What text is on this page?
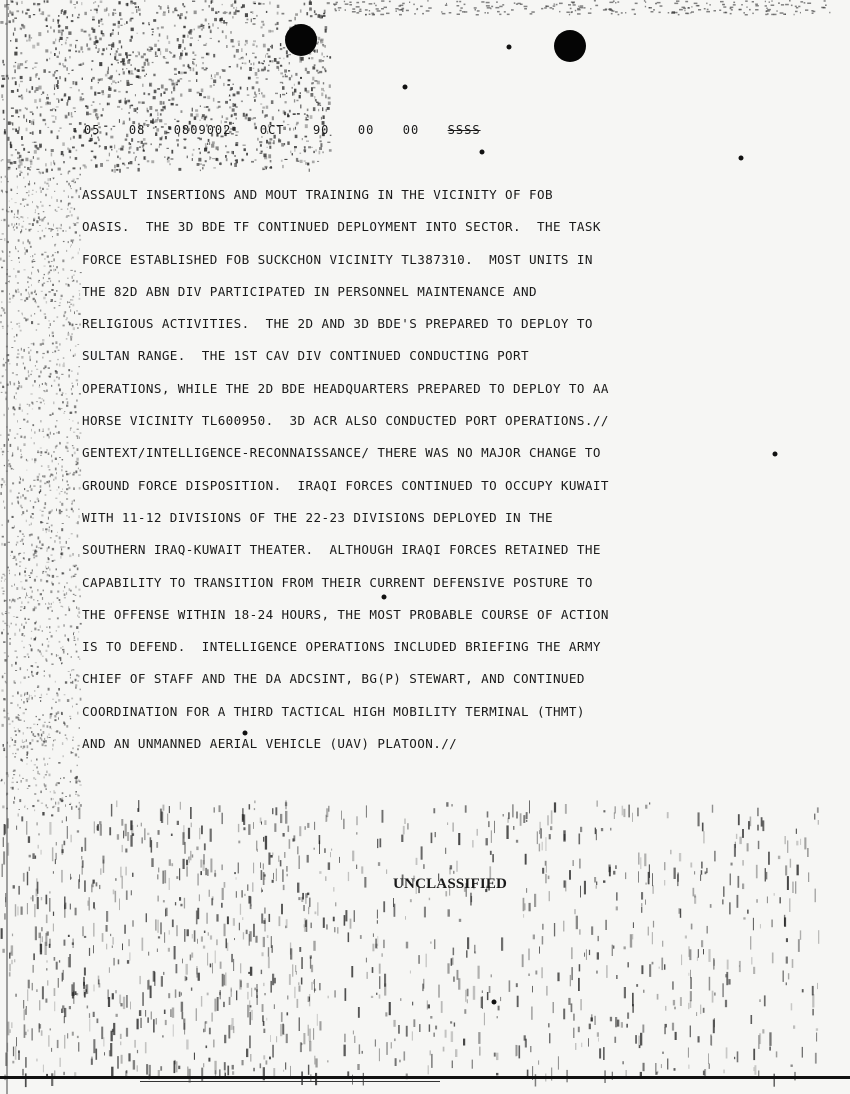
05  08  0809002  OCT  90  00  00 SSSS
ASSAULT INSERTIONS AND MOUT TRAINING IN THE VICINITY OF FOB
OASIS.  THE 3D BDE TF CONTINUED DEPLOYMENT INTO SECTOR.  THE TASK
FORCE ESTABLISHED FOB SUCKCHON VICINITY TL387310.  MOST UNITS IN
THE 82D ABN DIV PARTICIPATED IN PERSONNEL MAINTENANCE AND
RELIGIOUS ACTIVITIES.  THE 2D AND 3D BDE'S PREPARED TO DEPLOY TO
SULTAN RANGE.  THE 1ST CAV DIV CONTINUED CONDUCTING PORT
OPERATIONS, WHILE THE 2D BDE HEADQUARTERS PREPARED TO DEPLOY TO AA
HORSE VICINITY TL600950.  3D ACR ALSO CONDUCTED PORT OPERATIONS.//
GENTEXT/INTELLIGENCE-RECONNAISSANCE/ THERE WAS NO MAJOR CHANGE TO
GROUND FORCE DISPOSITION.  IRAQI FORCES CONTINUED TO OCCUPY KUWAIT
WITH 11-12 DIVISIONS OF THE 22-23 DIVISIONS DEPLOYED IN THE
SOUTHERN IRAQ-KUWAIT THEATER.  ALTHOUGH IRAQI FORCES RETAINED THE
CAPABILITY TO TRANSITION FROM THEIR CURRENT DEFENSIVE POSTURE TO
THE OFFENSE WITHIN 18-24 HOURS, THE MOST PROBABLE COURSE OF ACTION
IS TO DEFEND.  INTELLIGENCE OPERATIONS INCLUDED BRIEFING THE ARMY
CHIEF OF STAFF AND THE DA ADCSINT, BG(P) STEWART, AND CONTINUED
COORDINATION FOR A THIRD TACTICAL HIGH MOBILITY TERMINAL (THMT)
AND AN UNMANNED AERIAL VEHICLE (UAV) PLATOON.//
UNCLASSIFIED
